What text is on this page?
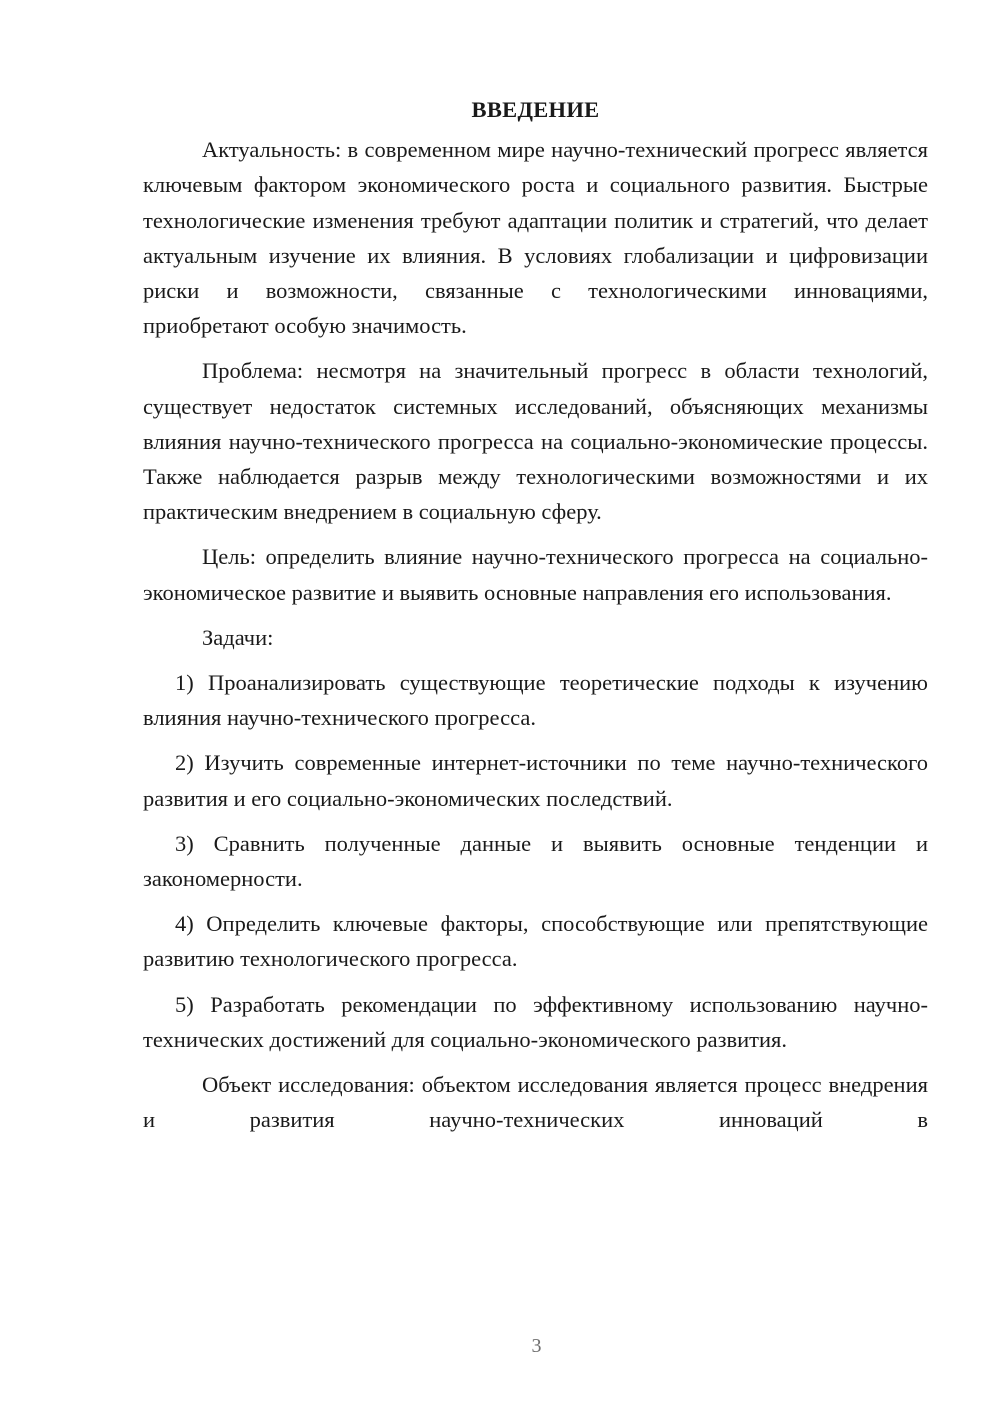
ВВЕДЕНИЕ

Актуальность: в современном мире научно-технический прогресс является ключевым фактором экономического роста и социального развития. Быстрые технологические изменения требуют адаптации политик и стратегий, что делает актуальным изучение их влияния. В условиях глобализации и цифровизации риски и возможности, связанные с технологическими инновациями, приобретают особую значимость.

Проблема: несмотря на значительный прогресс в области технологий, существует недостаток системных исследований, объясняющих механизмы влияния научно-технического прогресса на социально-экономические процессы. Также наблюдается разрыв между технологическими возможностями и их практическим внедрением в социальную сферу.

Цель: определить влияние научно-технического прогресса на социально-экономическое развитие и выявить основные направления его использования.

Задачи:

1) Проанализировать существующие теоретические подходы к изучению влияния научно-технического прогресса.

2) Изучить современные интернет-источники по теме научно-технического развития и его социально-экономических последствий.

3) Сравнить полученные данные и выявить основные тенденции и закономерности.

4) Определить ключевые факторы, способствующие или препятствующие развитию технологического прогресса.

5) Разработать рекомендации по эффективному использованию научно-технических достижений для социально-экономического развития.

Объект исследования: объектом исследования является процесс внедрения и развития научно-технических инноваций в

3
